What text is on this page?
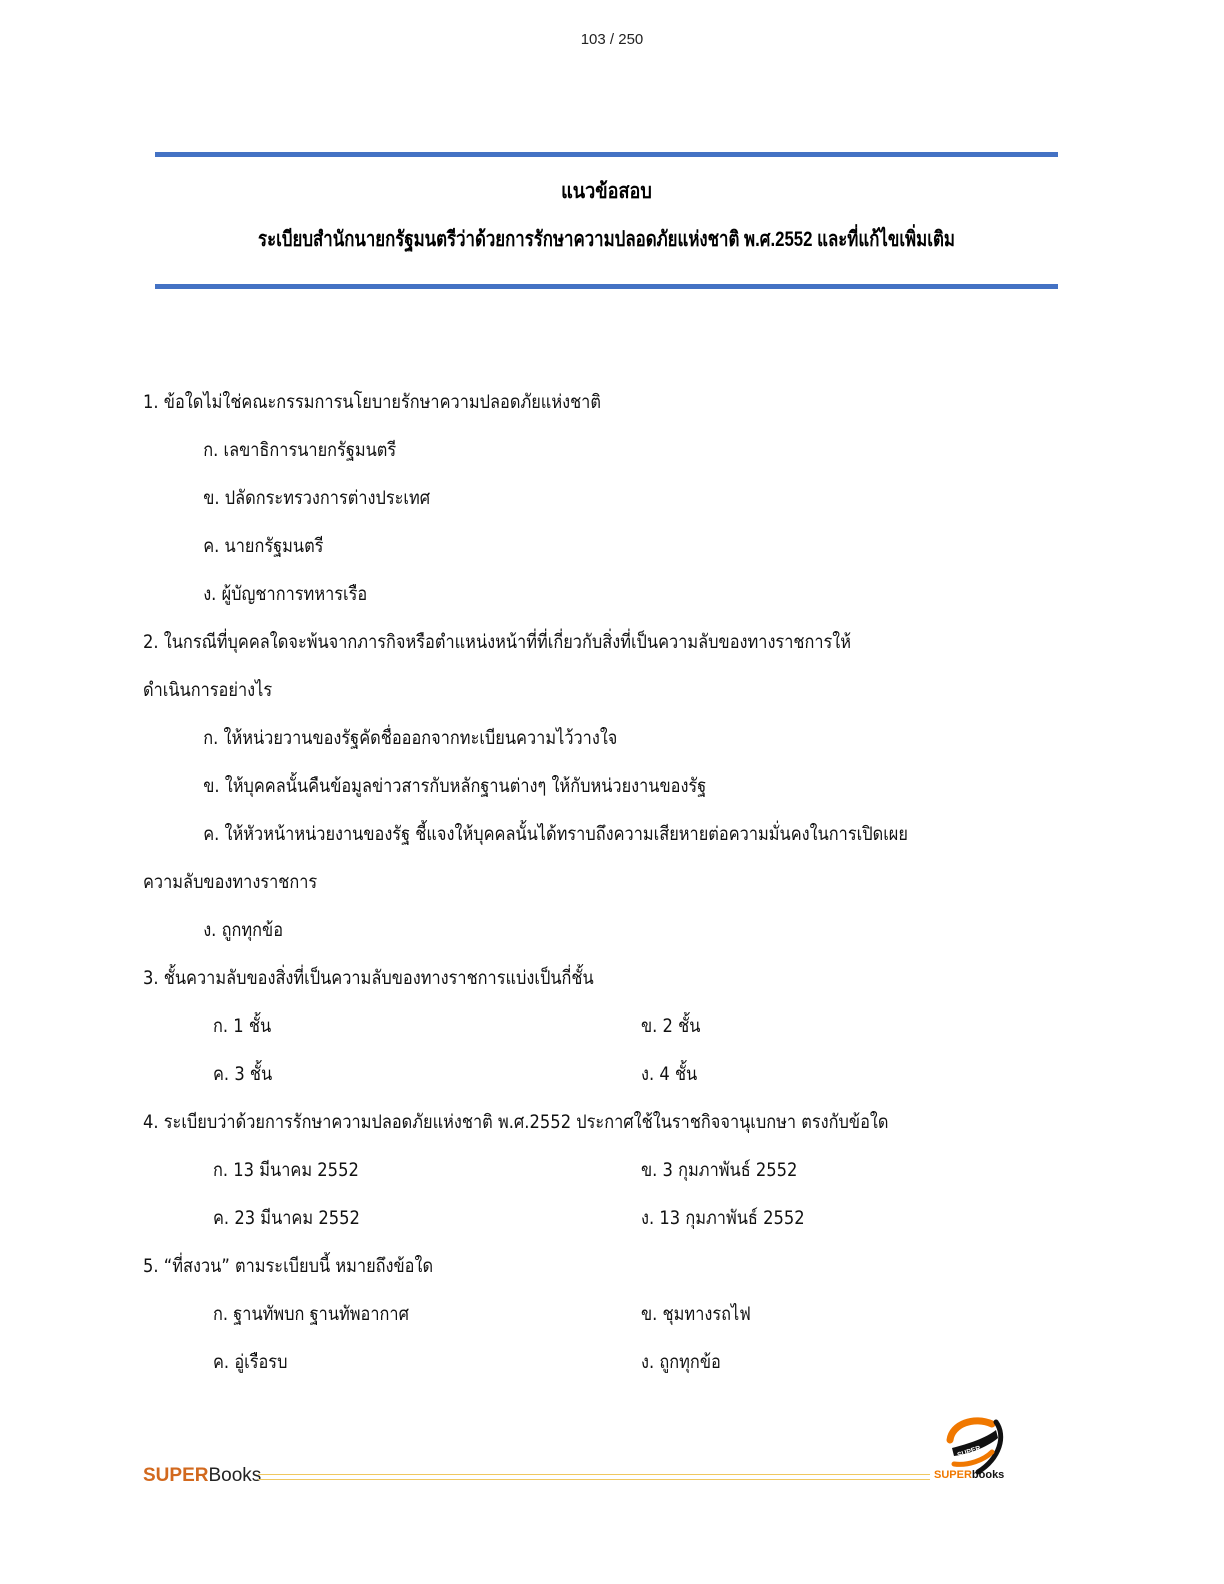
103 / 250
แนวข้อสอบ
ระเบียบสำนักนายกรัฐมนตรีว่าด้วยการรักษาความปลอดภัยแห่งชาติ พ.ศ.2552 และที่แก้ไขเพิ่มเติม
1. ข้อใดไม่ใช่คณะกรรมการนโยบายรักษาความปลอดภัยแห่งชาติ
ก. เลขาธิการนายกรัฐมนตรี
ข. ปลัดกระทรวงการต่างประเทศ
ค. นายกรัฐมนตรี
ง. ผู้บัญชาการทหารเรือ
2. ในกรณีที่บุคคลใดจะพ้นจากภารกิจหรือตำแหน่งหน้าที่ที่เกี่ยวกับสิ่งที่เป็นความลับของทางราชการให้
ดำเนินการอย่างไร
ก. ให้หน่วยวานของรัฐคัดชื่อออกจากทะเบียนความไว้วางใจ
ข. ให้บุคคลนั้นคืนข้อมูลข่าวสารกับหลักฐานต่างๆ ให้กับหน่วยงานของรัฐ
ค. ให้หัวหน้าหน่วยงานของรัฐ ชี้แจงให้บุคคลนั้นได้ทราบถึงความเสียหายต่อความมั่นคงในการเปิดเผย
ความลับของทางราชการ
ง. ถูกทุกข้อ
3. ชั้นความลับของสิ่งที่เป็นความลับของทางราชการแบ่งเป็นกี่ชั้น
ก. 1 ชั้น	ข. 2 ชั้น
ค. 3 ชั้น	ง. 4 ชั้น
4. ระเบียบว่าด้วยการรักษาความปลอดภัยแห่งชาติ พ.ศ.2552 ประกาศใช้ในราชกิจจานุเบกษา ตรงกับข้อใด
ก. 13 มีนาคม 2552	ข. 3 กุมภาพันธ์ 2552
ค. 23 มีนาคม 2552	ง. 13 กุมภาพันธ์ 2552
5. “ที่สงวน” ตามระเบียบนี้ หมายถึงข้อใด
ก. ฐานทัพบก ฐานทัพอากาศ	ข. ชุมทางรถไฟ
ค. อู่เรือรบ	ง. ถูกทุกข้อ
SUPERBooks
SUPER
SUPERbooks
